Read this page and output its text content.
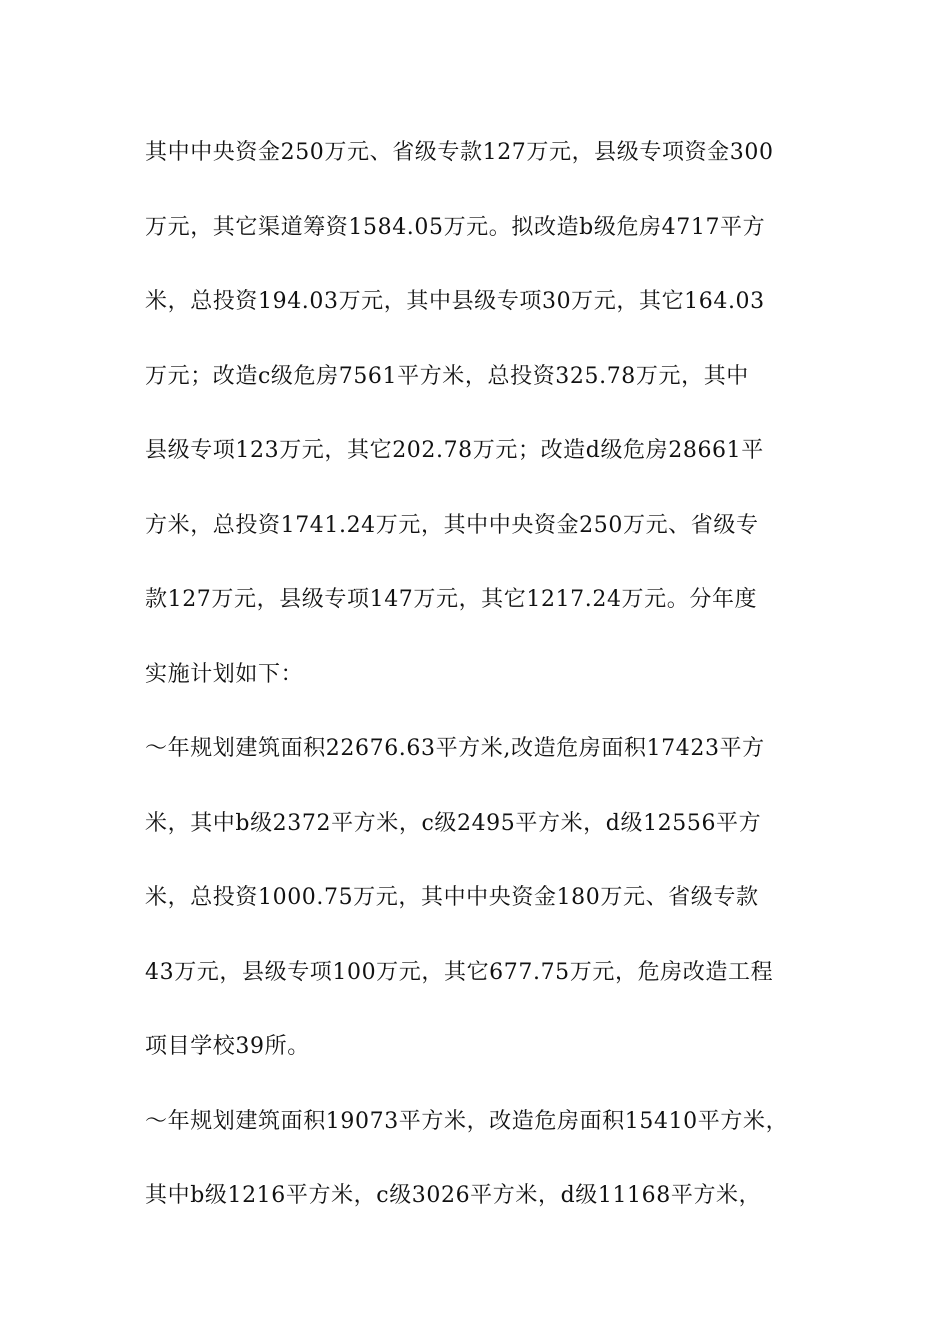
其中中央资金250万元、省级专款127万元，县级专项资金300
万元，其它渠道筹资1584.05万元。拟改造b级危房4717平方
米，总投资194.03万元，其中县级专项30万元，其它164.03
万元；改造c级危房7561平方米，总投资325.78万元，其中
县级专项123万元，其它202.78万元；改造d级危房28661平
方米，总投资1741.24万元，其中中央资金250万元、省级专
款127万元，县级专项147万元，其它1217.24万元。分年度
实施计划如下：
～年规划建筑面积22676.63平方米,改造危房面积17423平方
米，其中b级2372平方米，c级2495平方米，d级12556平方
米，总投资1000.75万元，其中中央资金180万元、省级专款
43万元，县级专项100万元，其它677.75万元，危房改造工程
项目学校39所。
～年规划建筑面积19073平方米，改造危房面积15410平方米，
其中b级1216平方米，c级3026平方米，d级11168平方米，
